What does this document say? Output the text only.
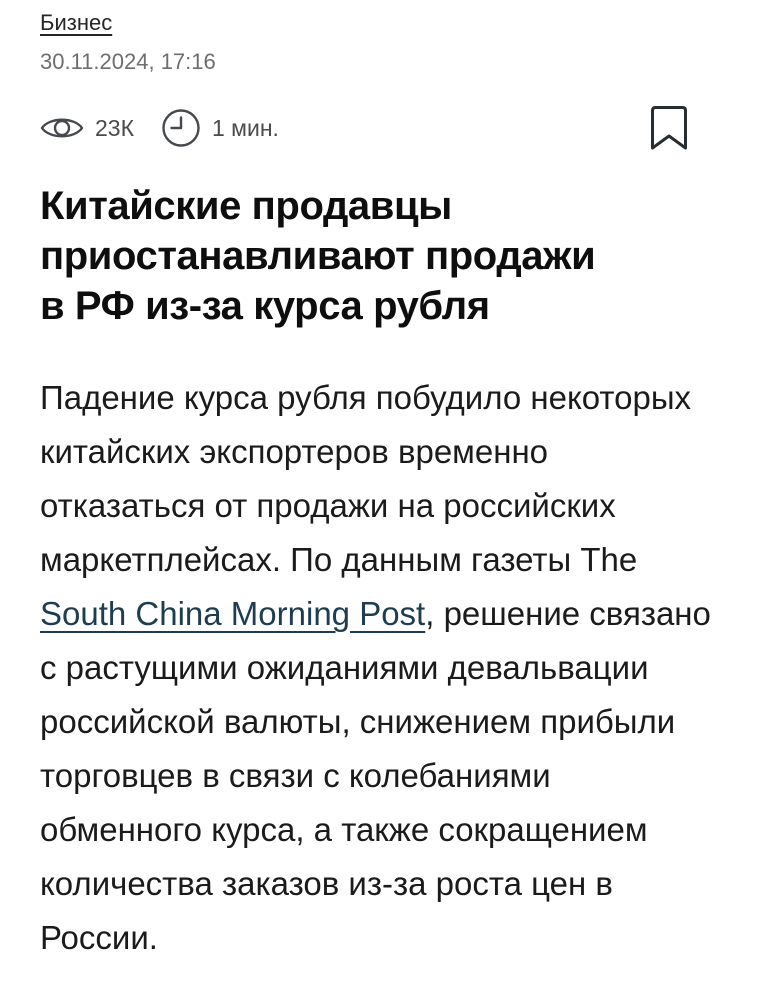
Бизнес
30.11.2024, 17:16
23К	1 мин.
Китайские продавцы
приостанавливают продажи
в РФ из-за курса рубля

Падение курса рубля побудило некоторых
китайских экспортеров временно
отказаться от продажи на российских
маркетплейсах. По данным газеты The
South China Morning Post, решение связано
с растущими ожиданиями девальвации
российской валюты, снижением прибыли
торговцев в связи с колебаниями
обменного курса, а также сокращением
количества заказов из-за роста цен в
России.
